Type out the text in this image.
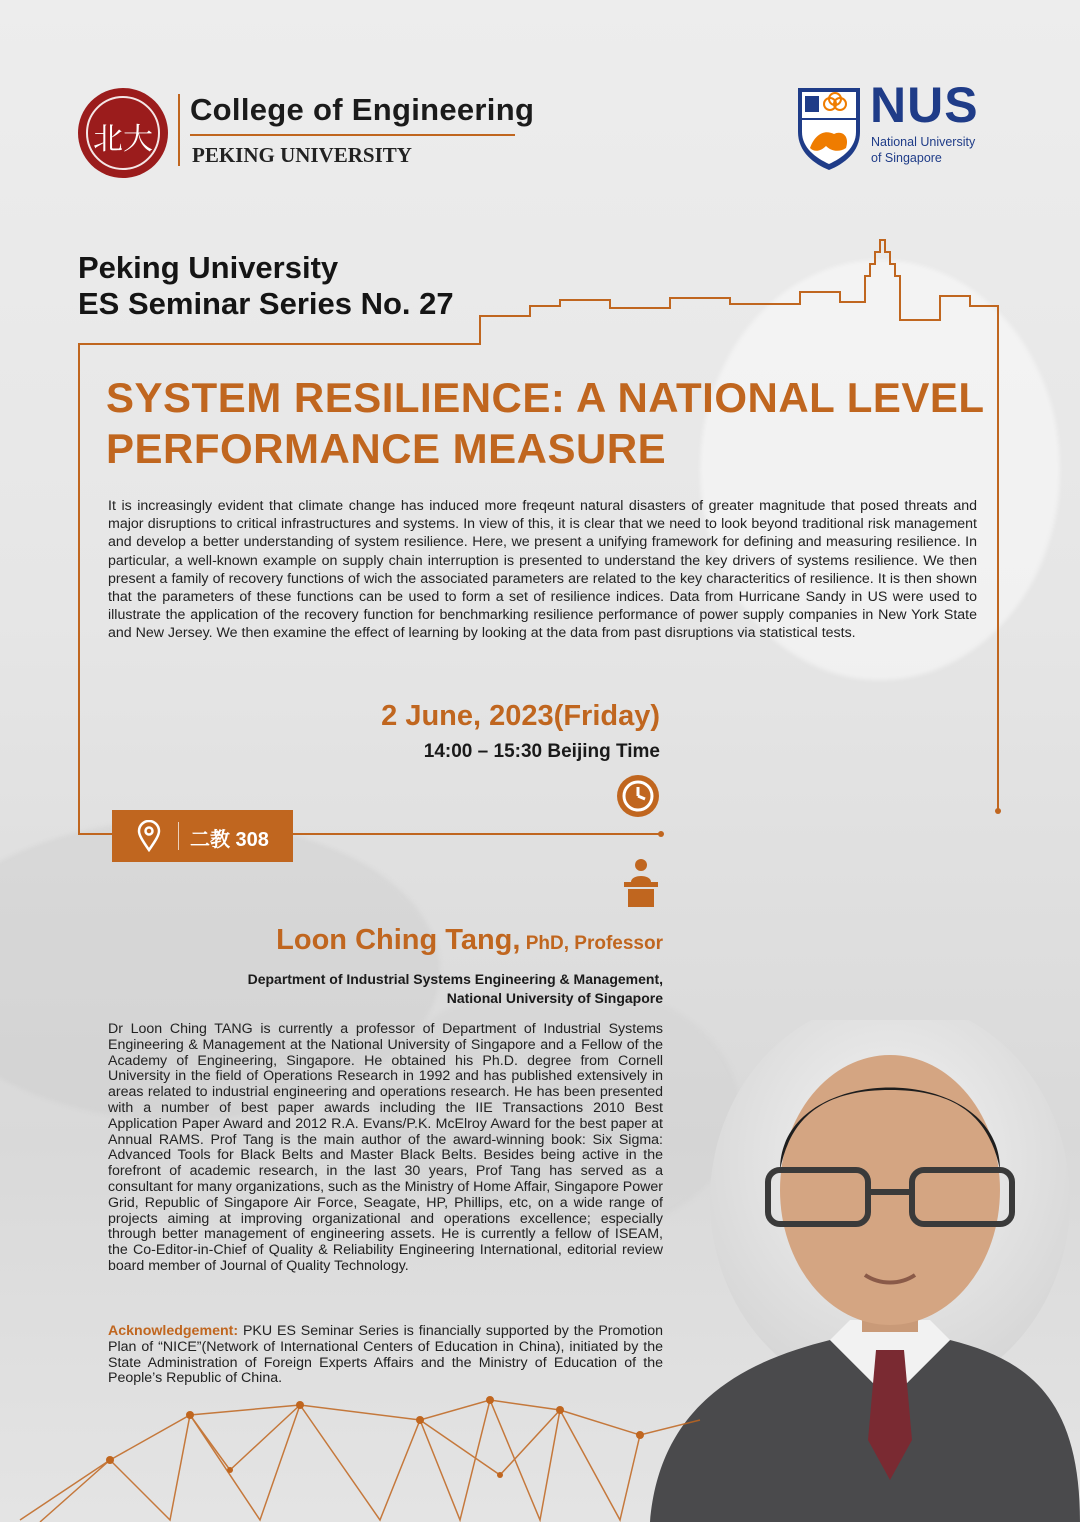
北大
College of Engineering
PEKING UNIVERSITY
NUS
National University
of Singapore
Peking University
ES Seminar Series No. 27
SYSTEM RESILIENCE: A NATIONAL LEVEL PERFORMANCE MEASURE
It is increasingly evident that climate change has induced more freqeunt natural disasters of greater magnitude that posed threats and major disruptions to critical infrastructures and systems. In view of this, it is clear that we need to look beyond traditional risk management and develop a better understanding of system resilience. Here, we present a unifying framework for defining and measuring resilience. In particular, a well-known example on supply chain interruption is presented to understand the key drivers of systems resilience. We then present a family of recovery functions of wich the associated parameters are related to the key characteritics of resilience. It is then shown that the parameters of these functions can be used to form a set of resilience indices. Data from Hurricane Sandy in US were used to illustrate the application of the recovery function for benchmarking resilience performance of power supply companies in New York State and New Jersey. We then examine the effect of learning by looking at the data from past disruptions via statistical tests.
2 June, 2023(Friday)
14:00 – 15:30 Beijing Time
二教 308
Loon Ching Tang, PhD, Professor
Department of Industrial Systems Engineering & Management,
National University of Singapore
Dr Loon Ching TANG is currently a professor of Department of Industrial Systems Engineering & Management at the National University of Singapore and a Fellow of the Academy of Engineering, Singapore. He obtained his Ph.D. degree from Cornell University in the field of Operations Research in 1992 and has published extensively in areas related to industrial engineering and operations research. He has been presented with a number of best paper awards including the IIE Transactions 2010 Best Application Paper Award and 2012 R.A. Evans/P.K. McElroy Award for the best paper at Annual RAMS. Prof Tang is the main author of the award-winning book: Six Sigma: Advanced Tools for Black Belts and Master Black Belts. Besides being active in the forefront of academic research, in the last 30 years, Prof Tang has served as a consultant for many organizations, such as the Ministry of Home Affair, Singapore Power Grid, Republic of Singapore Air Force, Seagate, HP, Phillips, etc, on a wide range of projects aiming at improving organizational and operations excellence; especially through better management of engineering assets. He is currently a fellow of ISEAM, the Co-Editor-in-Chief of Quality & Reliability Engineering International, editorial review board member of Journal of Quality Technology.
Acknowledgement: PKU ES Seminar Series is financially supported by the Promotion Plan of “NICE”(Network of International Centers of Education in China), initiated by the State Administration of Foreign Experts Affairs and the Ministry of Education of the People’s Republic of China.
